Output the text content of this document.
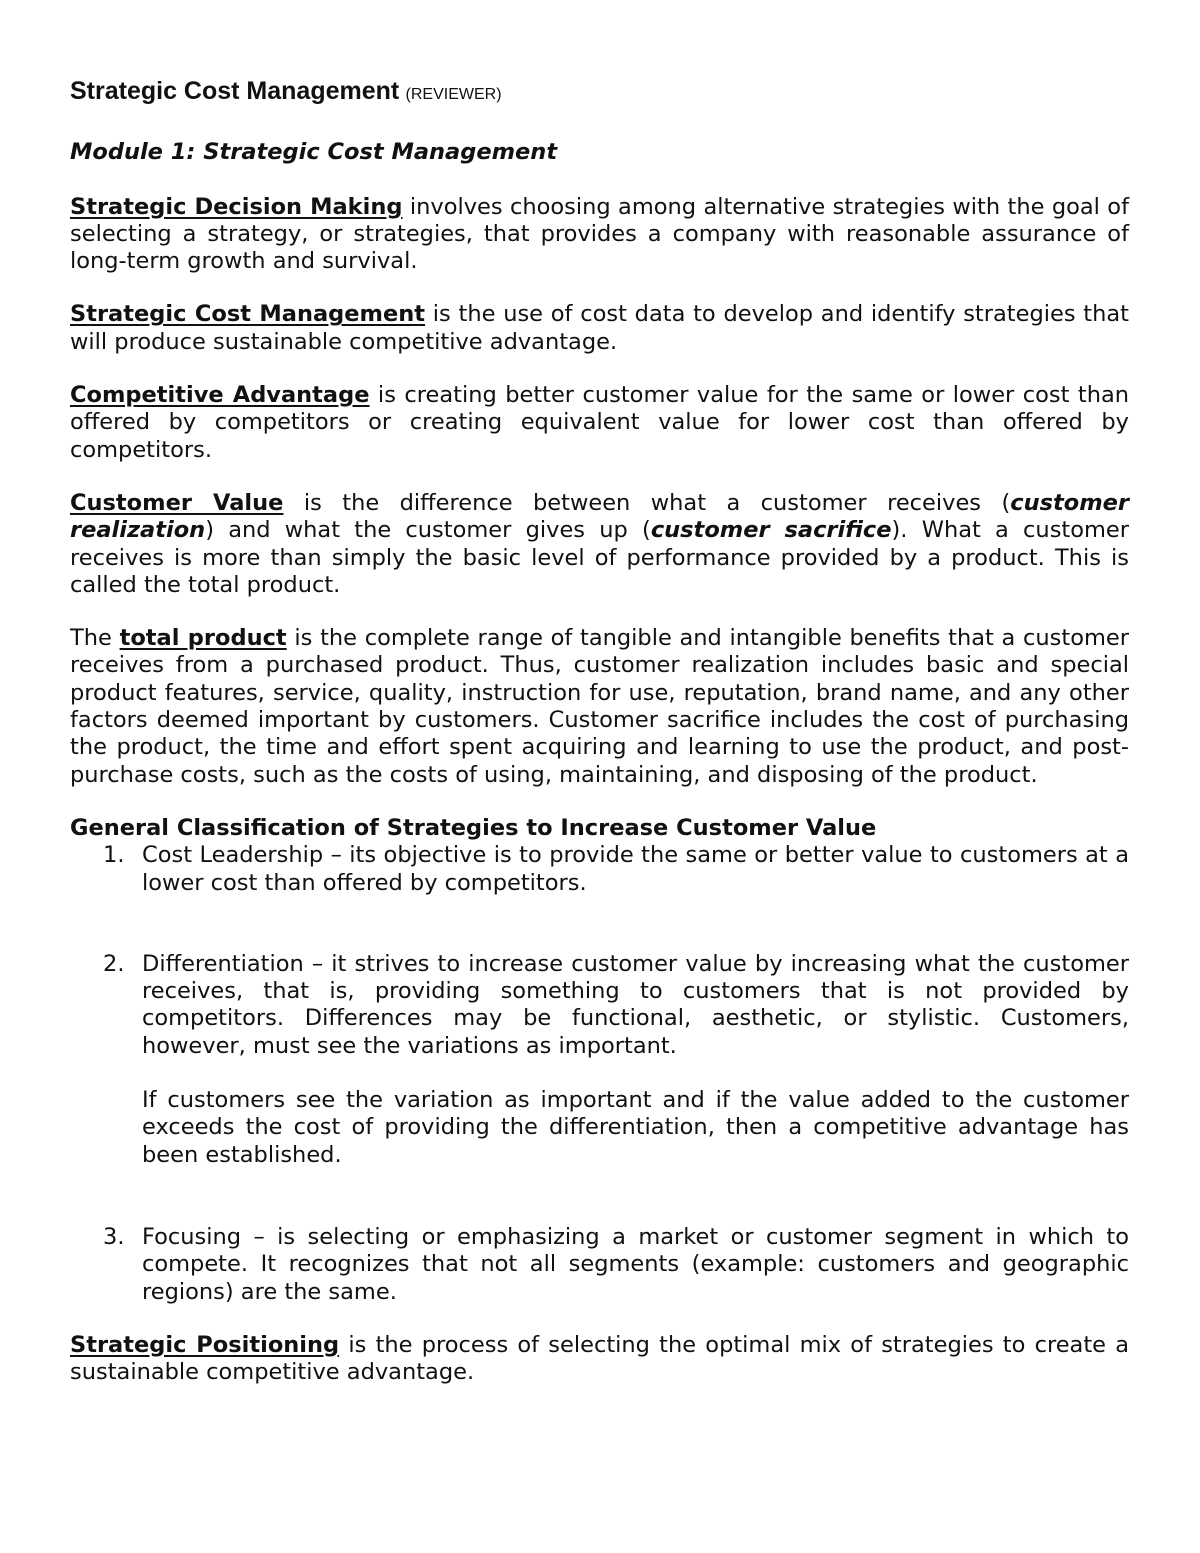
Strategic Cost Management (REVIEWER)

Module 1: Strategic Cost Management

Strategic Decision Making involves choosing among alternative strategies with the goal of selecting a strategy, or strategies, that provides a company with reasonable assurance of long-term growth and survival.

Strategic Cost Management is the use of cost data to develop and identify strategies that will produce sustainable competitive advantage.

Competitive Advantage is creating better customer value for the same or lower cost than offered by competitors or creating equivalent value for lower cost than offered by competitors.

Customer Value is the difference between what a customer receives (customer realization) and what the customer gives up (customer sacrifice). What a customer receives is more than simply the basic level of performance provided by a product. This is called the total product.

The total product is the complete range of tangible and intangible benefits that a customer receives from a purchased product. Thus, customer realization includes basic and special product features, service, quality, instruction for use, reputation, brand name, and any other factors deemed important by customers. Customer sacrifice includes the cost of purchasing the product, the time and effort spent acquiring and learning to use the product, and post-purchase costs, such as the costs of using, maintaining, and disposing of the product.

General Classification of Strategies to Increase Customer Value

1. Cost Leadership – its objective is to provide the same or better value to customers at a lower cost than offered by competitors.

2. Differentiation – it strives to increase customer value by increasing what the customer receives, that is, providing something to customers that is not provided by competitors. Differences may be functional, aesthetic, or stylistic. Customers, however, must see the variations as important.

If customers see the variation as important and if the value added to the customer exceeds the cost of providing the differentiation, then a competitive advantage has been established.

3. Focusing – is selecting or emphasizing a market or customer segment in which to compete. It recognizes that not all segments (example: customers and geographic regions) are the same.

Strategic Positioning is the process of selecting the optimal mix of strategies to create a sustainable competitive advantage.
